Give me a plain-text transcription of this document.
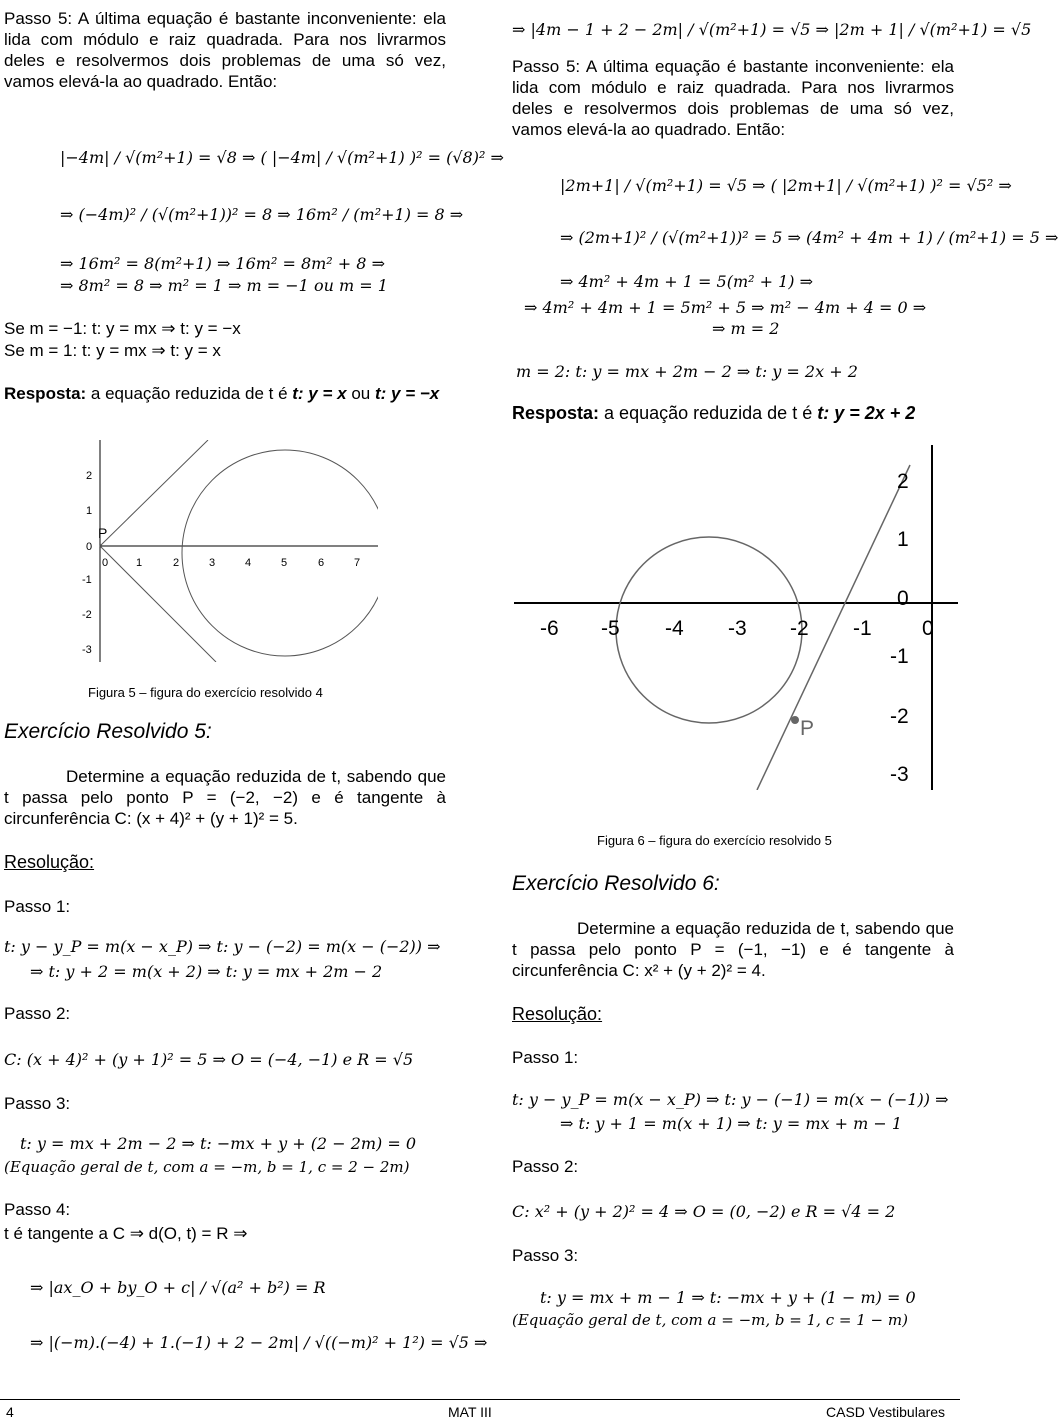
Passo 5: A última equação é bastante inconveniente: ela lida com módulo e raiz quadrada. Para nos livrarmos deles e resolvermos dois problemas de uma só vez, vamos elevá-la ao quadrado. Então:
|−4m| / √(m²+1) = √8 ⇒ ( |−4m| / √(m²+1) )² = (√8)² ⇒
⇒ (−4m)² / (√(m²+1))² = 8 ⇒ 16m² / (m²+1) = 8 ⇒
⇒ 16m² = 8(m²+1) ⇒ 16m² = 8m² + 8 ⇒
⇒ 8m² = 8 ⇒ m² = 1 ⇒ m = −1 ou m = 1
Se m = −1: t: y = mx ⇒ t: y = −x
Se m = 1: t: y = mx ⇒ t: y = x
Resposta: a equação reduzida de t é t: y = x ou t: y = −x
0	1	2	3	4	5	6	7
2
1
0
-1
-2
-3
P
Figura 5 – figura do exercício resolvido 4
Exercício Resolvido 5:
Determine a equação reduzida de t, sabendo que t passa pelo ponto P = (−2, −2) e é tangente à circunferência C: (x + 4)² + (y + 1)² = 5.
Resolução:
Passo 1:
t: y − y_P = m(x − x_P) ⇒ t: y − (−2) = m(x − (−2)) ⇒
⇒ t: y + 2 = m(x + 2) ⇒ t: y = mx + 2m − 2
Passo 2:
C: (x + 4)² + (y + 1)² = 5 ⇒ O = (−4, −1) e R = √5
Passo 3:
t: y = mx + 2m − 2 ⇒ t: −mx + y + (2 − 2m) = 0
(Equação geral de t, com a = −m, b = 1, c = 2 − 2m)
Passo 4:
t é tangente a C ⇒ d(O, t) = R ⇒
⇒ |ax_O + by_O + c| / √(a² + b²) = R
⇒ |(−m).(−4) + 1.(−1) + 2 − 2m| / √((−m)² + 1²) = √5 ⇒
⇒ |4m − 1 + 2 − 2m| / √(m²+1) = √5 ⇒ |2m + 1| / √(m²+1) = √5
Passo 5: A última equação é bastante inconveniente: ela lida com módulo e raiz quadrada. Para nos livrarmos deles e resolvermos dois problemas de uma só vez, vamos elevá-la ao quadrado. Então:
|2m+1| / √(m²+1) = √5 ⇒ ( |2m+1| / √(m²+1) )² = √5² ⇒
⇒ (2m+1)² / (√(m²+1))² = 5 ⇒ (4m² + 4m + 1) / (m²+1) = 5 ⇒
⇒ 4m² + 4m + 1 = 5(m² + 1) ⇒
⇒ 4m² + 4m + 1 = 5m² + 5 ⇒ m² − 4m + 4 = 0 ⇒
⇒ m = 2
m = 2: t: y = mx + 2m − 2 ⇒ t: y = 2x + 2
Resposta: a equação reduzida de t é t: y = 2x + 2
-6 -5 -4 -3 -2 -1 0
2
1
0
-1
-2
-3
P
Figura 6 – figura do exercício resolvido 5
Exercício Resolvido 6:
Determine a equação reduzida de t, sabendo que t passa pelo ponto P = (−1, −1) e é tangente à circunferência C: x² + (y + 2)² = 4.
Resolução:
Passo 1:
t: y − y_P = m(x − x_P) ⇒ t: y − (−1) = m(x − (−1)) ⇒
⇒ t: y + 1 = m(x + 1) ⇒ t: y = mx + m − 1
Passo 2:
C: x² + (y + 2)² = 4 ⇒ O = (0, −2) e R = √4 = 2
Passo 3:
t: y = mx + m − 1 ⇒ t: −mx + y + (1 − m) = 0
(Equação geral de t, com a = −m, b = 1, c = 1 − m)
4	MAT III	CASD Vestibulares
